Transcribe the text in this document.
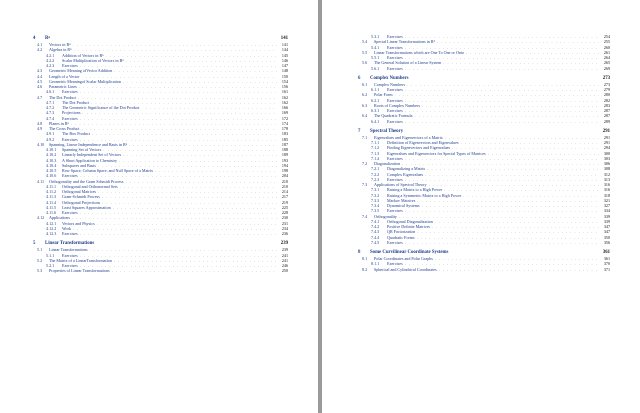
4	Rⁿ	141
4.1	Vectors in Rⁿ . . .	141
4.2	Algebra in Rⁿ . . .	144
4.2.1	Addition of Vectors in Rⁿ . . .	145
4.2.2	Scalar Multiplication of Vectors in Rⁿ . . .	146
4.2.3	Exercises . . .	147
4.3	Geometric Meaning ofVector Addition . . .	148
4.4	Length of a Vector . . .	150
4.5	Geometric Meaningof Scalar Multiplication . . .	154
4.6	Parametric Lines . . .	156
4.6.1	Exercises . . .	161
4.7	The Dot Product . . .	162
4.7.1	The Dot Product . . .	162
4.7.2	The Geometric Significance of the Dot Product . . .	166
4.7.3	Projections . . .	169
4.7.4	Exercises . . .	172
4.8	Planes in Rⁿ . . .	174
4.9	The Cross Product . . .	178
4.9.1	The Box Product . . .	183
4.9.2	Exercises . . .	185
4.10	Spanning, Linear Independence and Basis in Rⁿ . . .	187
4.10.1	Spanning Set of Vectors . . .	188
4.10.2	Linearly Independent Set of Vectors . . .	189
4.10.3	A Short Application to Chemistry . . .	193
4.10.4	Subspaces and Basis . . .	194
4.10.5	Row Space, Column Space, and Null Space of a Matrix . . .	198
4.10.6	Exercises . . .	204
4.11	Orthogonality and the Gram Schmidt Process . . .	210
4.11.1	Orthogonal and Orthonormal Sets . . .	210
4.11.2	Orthogonal Matrices . . .	214
4.11.3	Gram-Schmidt Process . . .	217
4.11.4	Orthogonal Projections . . .	219
4.11.5	Least Squares Approximation . . .	225
4.11.6	Exercises . . .	228
4.12	Applications . . .	230
4.12.1	Vectors and Physics . . .	231
4.12.2	Work . . .	234
4.12.3	Exercises . . .	236
5	Linear Transformations	239
5.1	Linear Transformations . . .	239
5.1.1	Exercises . . .	241
5.2	The Matrix of a LinearTransformation . . .	241
5.2.1	Exercises . . .	246
5.3	Properties of Linear Transformations . . .	250
5.3.1	Exercises . . .	254
5.4	Special Linear Transformations in R² . . .	255
5.4.1	Exercises . . .	260
5.5	Linear Transformations which are One To One or Onto . . .	261
5.5.1	Exercises . . .	264
5.6	The General Solution of a Linear System . . .	265
5.6.1	Exercises . . .	269
6	Complex Numbers	273
6.1	Complex Numbers . . .	273
6.1.1	Exercises . . .	279
6.2	Polar Form . . .	280
6.2.1	Exercises . . .	282
6.3	Roots of Complex Numbers . . .	283
6.3.1	Exercises . . .	287
6.4	The Quadratic Formula . . .	287
6.4.1	Exercises . . .	289
7	Spectral Theory	291
7.1	Eigenvalues and Eigenvectors of a Matrix . . .	291
7.1.1	Definition of Eigenvectors and Eigenvalues . . .	291
7.1.2	Finding Eigenvectors and Eigenvalues . . .	294
7.1.3	Eigenvalues and Eigenvectors for Special Types of Matrices . . .	300
7.1.4	Exercises . . .	303
7.2	Diagonalization . . .	306
7.2.1	Diagonalizing a Matrix . . .	308
7.2.2	Complex Eigenvalues . . .	312
7.2.3	Exercises . . .	313
7.3	Applications of Spectral Theory . . .	316
7.3.1	Raising a Matrix to a High Power . . .	316
7.3.2	Raising a Symmetric Matrix to a High Power . . .	318
7.3.3	Markov Matrices . . .	321
7.3.4	Dynamical Systems . . .	327
7.3.5	Exercises . . .	334
7.4	Orthogonality . . .	339
7.4.1	Orthogonal Diagonalization . . .	339
7.4.2	Positive Definite Matrices . . .	347
7.4.3	QR Factorization . . .	347
7.4.4	Quadratic Forms . . .	350
7.4.5	Exercises . . .	356
8	Some Curvilinear Coordinate Systems	361
8.1	Polar Coordinates and Polar Graphs . . .	361
8.1.1	Exercises . . .	370
8.2	Spherical and Cylindrical Coordinates . . .	371
